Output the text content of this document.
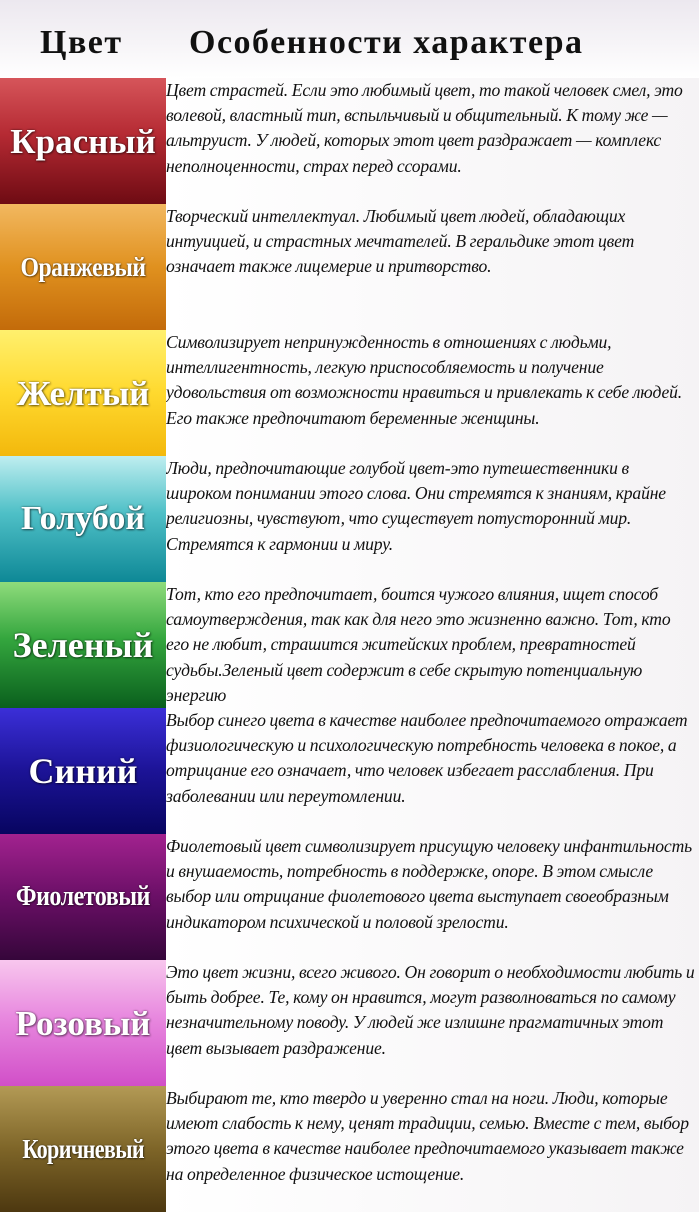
Цвет Особенности характера
Красный

Цвет страстей. Если это любимый цвет, то такой человек смел, это волевой, властный тип, вспыльчивый и общительный. К тому же — альтруист. У людей, которых этот цвет раздражает — комплекс неполноценности, страх перед ссорами.

Оранжевый

Творческий интеллектуал. Любимый цвет людей, обладающих интуицией, и страстных мечтателей. В геральдике этот цвет означает также лицемерие и притворство.

Желтый

Символизирует непринужденность в отношениях с людьми, интеллигентность, легкую приспособляемость и получение удовольствия от возможности нравиться и привлекать к себе людей. Его также предпочитают беременные женщины.

Голубой

Люди, предпочитающие голубой цвет-это путешественники в широком понимании этого слова. Они стремятся к знаниям, крайне религиозны, чувствуют, что существует потусторонний мир. Стремятся к гармонии и миру.

Зеленый

Тот, кто его предпочитает, боится чужого влияния, ищет способ самоутверждения, так как для него это жизненно важно. Тот, кто его не любит, страшится житейских проблем, превратностей судьбы.Зеленый цвет содержит в себе скрытую потенциальную энергию

Синий

Выбор синего цвета в качестве наиболее предпочитаемого отражает физиологическую и психологическую потребность человека в покое, а отрицание его означает, что человек избегает расслабления. При заболевании или переутомлении.

Фиолетовый

Фиолетовый цвет символизирует присущую человеку инфантильность и внушаемость, потребность в поддержке, опоре. В этом смысле выбор или отрицание фиолетового цвета выступает своеобразным индикатором психической и половой зрелости.

Розовый

Это цвет жизни, всего живого. Он говорит о необходимости любить и быть добрее. Те, кому он нравится, могут разволноваться по самому незначительному поводу. У людей же излишне прагматичных этот цвет вызывает раздражение.

Коричневый

Выбирают те, кто твердо и уверенно стал на ноги. Люди, которые имеют слабость к нему, ценят традиции, семью. Вместе с тем, выбор этого цвета в качестве наиболее предпочитаемого указывает также на определенное физическое истощение.
